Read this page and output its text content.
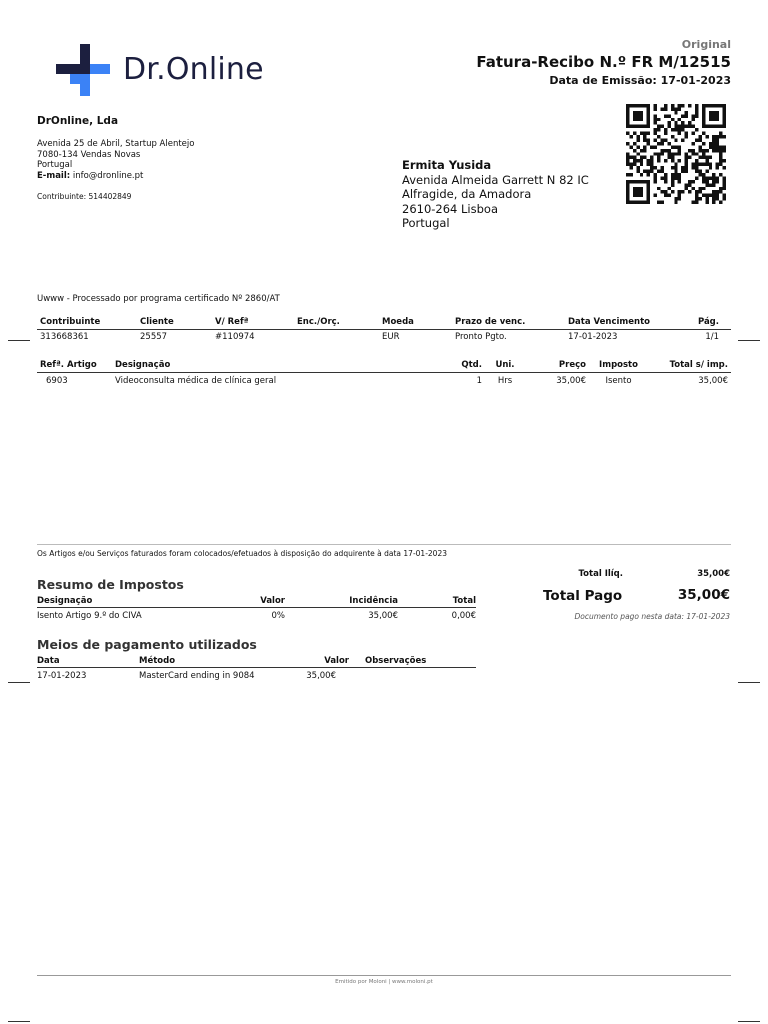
Dr.Online
Original
Fatura-Recibo N.º FR M/12515
Data de Emissão: 17-01-2023
DrOnline, Lda
Avenida 25 de Abril, Startup Alentejo
7080-134 Vendas Novas
Portugal
E-mail: info@dronline.pt
Contribuinte: 514402849
Ermita Yusida
Avenida Almeida Garrett N 82 IC
Alfragide, da Amadora
2610-264 Lisboa
Portugal
Uwww - Processado por programa certificado Nº 2860/AT
Contribuinte	Cliente	V/ Refª	Enc./Orç.	Moeda	Prazo de venc.	Data Vencimento	Pág.
313668361	25557	#110974		EUR	Pronto Pgto.	17-01-2023	1/1
Refª. Artigo	Designação	Qtd.	Uni.	Preço	Imposto	Total s/ imp.
6903	Videoconsulta médica de clínica geral	1	Hrs	35,00€	Isento	35,00€
Os Artigos e/ou Serviços faturados foram colocados/efetuados à disposição do adquirente à data 17-01-2023
Resumo de Impostos
Designação	Valor	Incidência	Total
Isento Artigo 9.º do CIVA	0%	35,00€	0,00€
Meios de pagamento utilizados
Data	Método	Valor	Observações
17-01-2023	MasterCard ending in 9084	35,00€	
Total Ilíq.	35,00€
Total Pago	35,00€
Documento pago nesta data: 17-01-2023
Emitido por Moloni | www.moloni.pt
